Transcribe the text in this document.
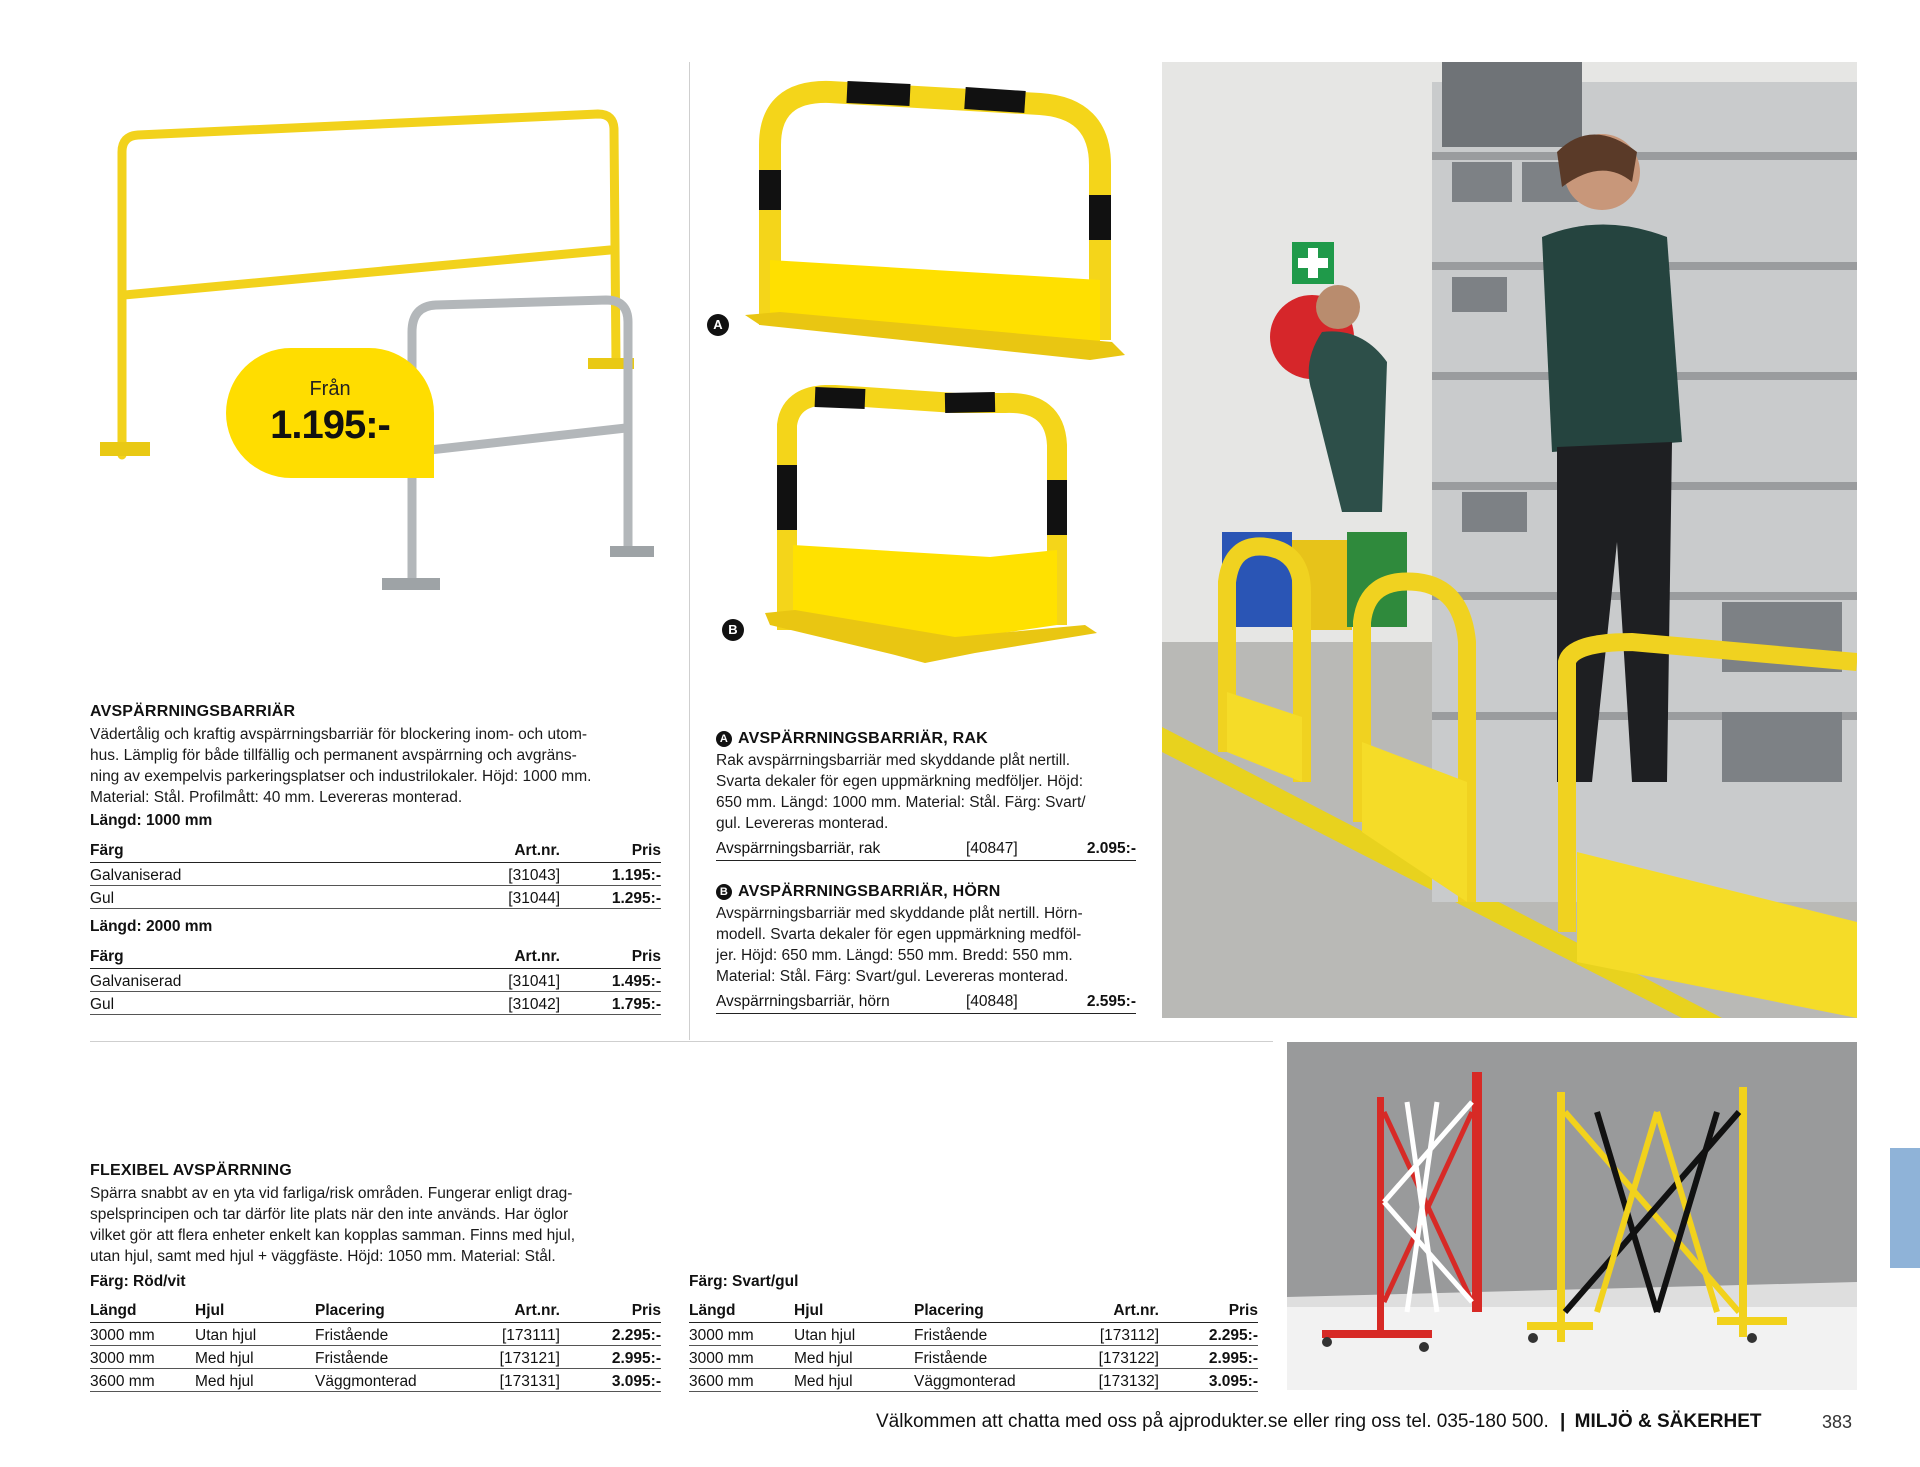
Från
1.195:-
A
B
AVSPÄRRNINGSBARRIÄR
Vädertålig och kraftig avspärrningsbarriär för blockering inom- och utom-
hus. Lämplig för både tillfällig och permanent avspärrning och avgräns-
ning av exempelvis parkeringsplatser och industrilokaler. Höjd: 1000 mm.
Material: Stål. Profilmått: 40 mm. Levereras monterad.
Längd: 1000 mm
Färg	Art.nr.	Pris
Galvaniserad	[31043]	1.195:-
Gul	[31044]	1.295:-
Längd: 2000 mm
Färg	Art.nr.	Pris
Galvaniserad	[31041]	1.495:-
Gul	[31042]	1.795:-
A AVSPÄRRNINGSBARRIÄR, RAK
Rak avspärrningsbarriär med skyddande plåt nertill.
Svarta dekaler för egen uppmärkning medföljer. Höjd:
650 mm. Längd: 1000 mm. Material: Stål. Färg: Svart/
gul. Levereras monterad.
Avspärrningsbarriär, rak	[40847]	2.095:-
B AVSPÄRRNINGSBARRIÄR, HÖRN
Avspärrningsbarriär med skyddande plåt nertill. Hörn-
modell. Svarta dekaler för egen uppmärkning medföl-
jer. Höjd: 650 mm. Längd: 550 mm. Bredd: 550 mm.
Material: Stål. Färg: Svart/gul. Levereras monterad.
Avspärrningsbarriär, hörn	[40848]	2.595:-
FLEXIBEL AVSPÄRRNING
Spärra snabbt av en yta vid farliga/risk områden. Fungerar enligt drag-
spelsprincipen och tar därför lite plats när den inte används. Har öglor
vilket gör att flera enheter enkelt kan kopplas samman. Finns med hjul,
utan hjul, samt med hjul + väggfäste. Höjd: 1050 mm. Material: Stål.
Färg: Röd/vit
Längd	Hjul	Placering	Art.nr.	Pris
3000 mm	Utan hjul	Fristående	[173111]	2.295:-
3000 mm	Med hjul	Fristående	[173121]	2.995:-
3600 mm	Med hjul	Väggmonterad	[173131]	3.095:-
Färg: Svart/gul
Längd	Hjul	Placering	Art.nr.	Pris
3000 mm	Utan hjul	Fristående	[173112]	2.295:-
3000 mm	Med hjul	Fristående	[173122]	2.995:-
3600 mm	Med hjul	Väggmonterad	[173132]	3.095:-
Välkommen att chatta med oss på ajprodukter.se eller ring oss tel. 035-180 500. | MILJÖ & SÄKERHET	383
